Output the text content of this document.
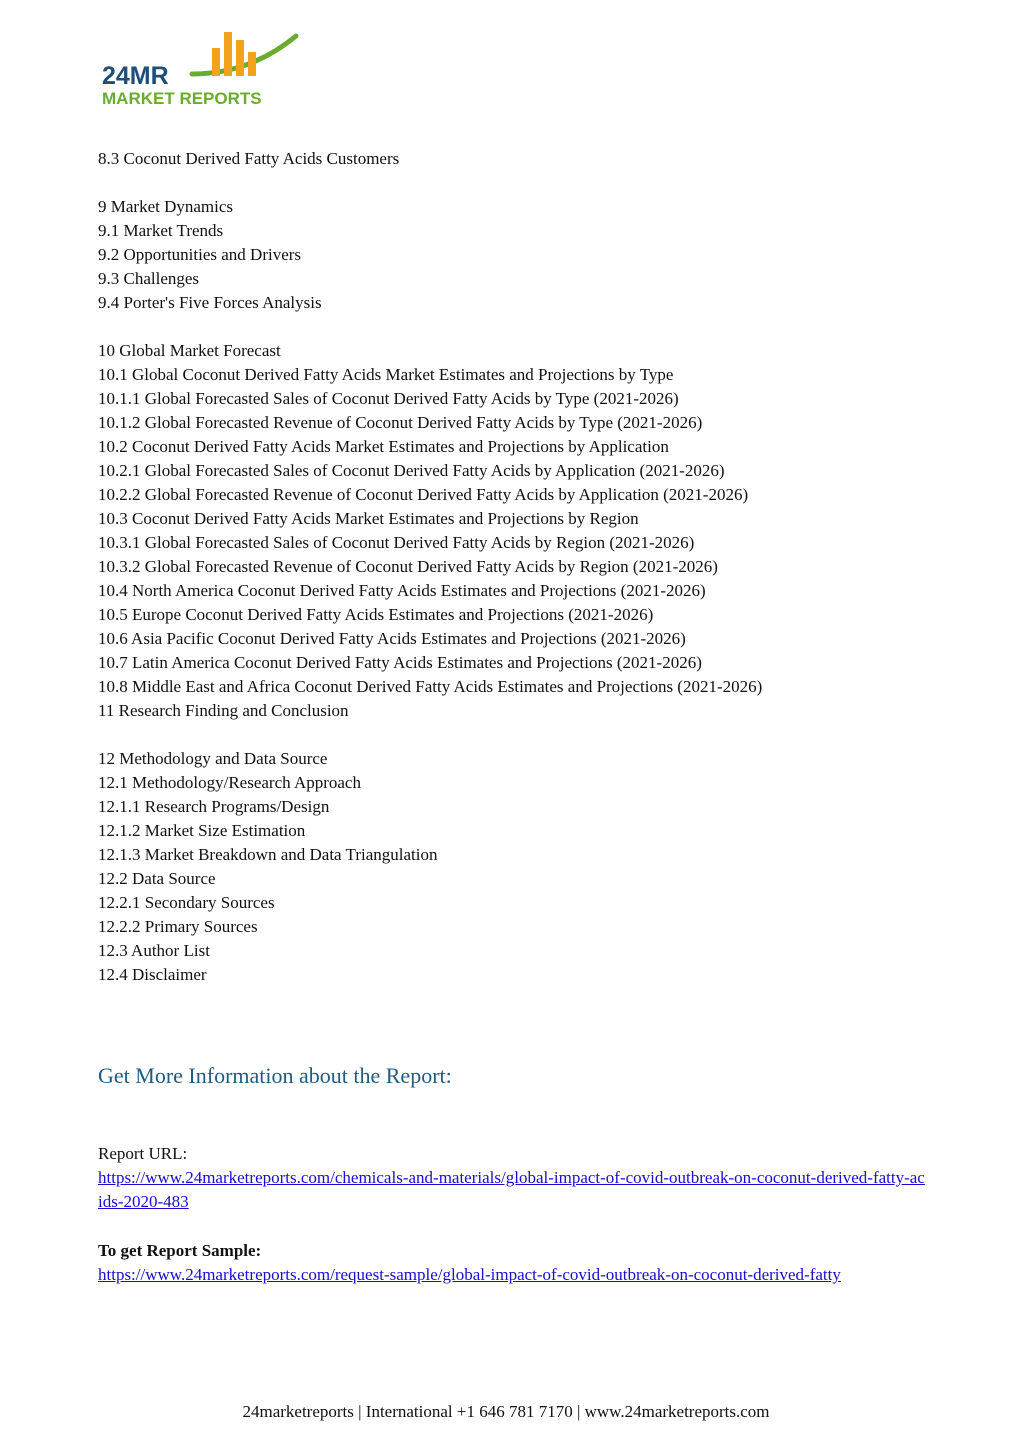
24MR
MARKET REPORTS
8.3 Coconut Derived Fatty Acids Customers
9 Market Dynamics
9.1 Market Trends
9.2 Opportunities and Drivers
9.3 Challenges
9.4 Porter's Five Forces Analysis
10 Global Market Forecast
10.1 Global Coconut Derived Fatty Acids Market Estimates and Projections by Type
10.1.1 Global Forecasted Sales of Coconut Derived Fatty Acids by Type (2021-2026)
10.1.2 Global Forecasted Revenue of Coconut Derived Fatty Acids by Type (2021-2026)
10.2 Coconut Derived Fatty Acids Market Estimates and Projections by Application
10.2.1 Global Forecasted Sales of Coconut Derived Fatty Acids by Application (2021-2026)
10.2.2 Global Forecasted Revenue of Coconut Derived Fatty Acids by Application (2021-2026)
10.3 Coconut Derived Fatty Acids Market Estimates and Projections by Region
10.3.1 Global Forecasted Sales of Coconut Derived Fatty Acids by Region (2021-2026)
10.3.2 Global Forecasted Revenue of Coconut Derived Fatty Acids by Region (2021-2026)
10.4 North America Coconut Derived Fatty Acids Estimates and Projections (2021-2026)
10.5 Europe Coconut Derived Fatty Acids Estimates and Projections (2021-2026)
10.6 Asia Pacific Coconut Derived Fatty Acids Estimates and Projections (2021-2026)
10.7 Latin America Coconut Derived Fatty Acids Estimates and Projections (2021-2026)
10.8 Middle East and Africa Coconut Derived Fatty Acids Estimates and Projections (2021-2026)
11 Research Finding and Conclusion
12 Methodology and Data Source
12.1 Methodology/Research Approach
12.1.1 Research Programs/Design
12.1.2 Market Size Estimation
12.1.3 Market Breakdown and Data Triangulation
12.2 Data Source
12.2.1 Secondary Sources
12.2.2 Primary Sources
12.3 Author List
12.4 Disclaimer
Get More Information about the Report:
Report URL:
https://www.24marketreports.com/chemicals-and-materials/global-impact-of-covid-outbreak-on-coconut-derived-fatty-acids-2020-483
To get Report Sample:
https://www.24marketreports.com/request-sample/global-impact-of-covid-outbreak-on-coconut-derived-fatty
24marketreports | International +1 646 781 7170 | www.24marketreports.com
